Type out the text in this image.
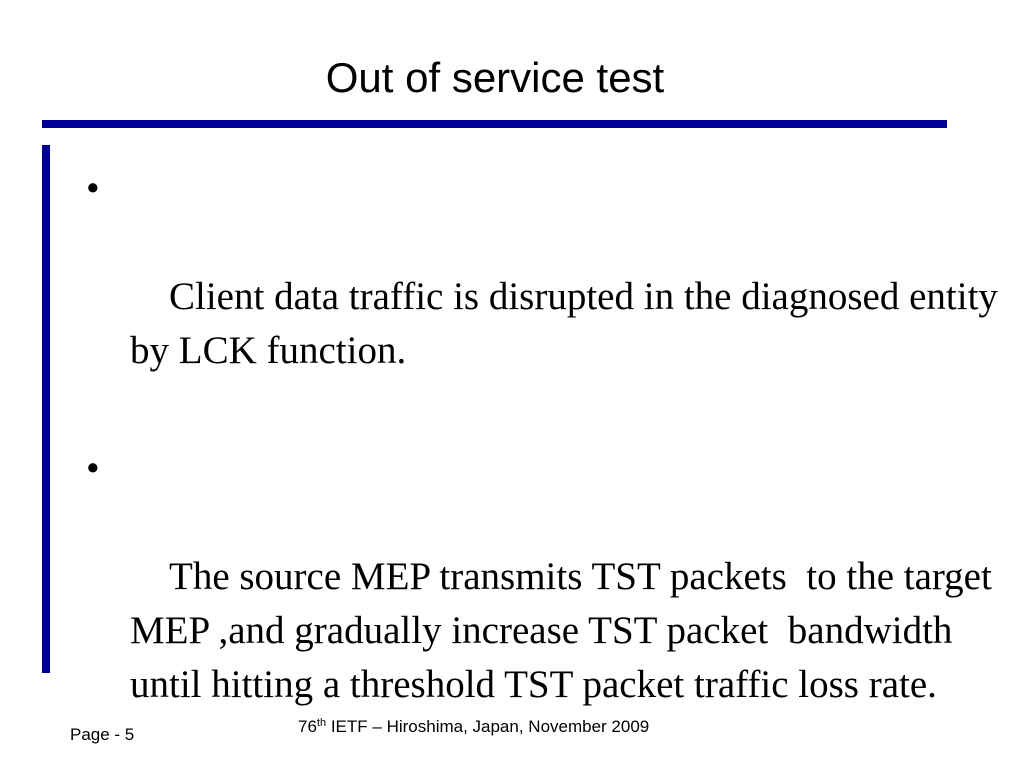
Out of service test

•

Client data traffic is disrupted in the diagnosed entity by LCK function.

•

The source MEP transmits TST packets  to the target MEP ,and gradually increase TST packet  bandwidth until hitting a threshold TST packet traffic loss rate.

Page - 5	76th IETF – Hiroshima, Japan, November 2009
